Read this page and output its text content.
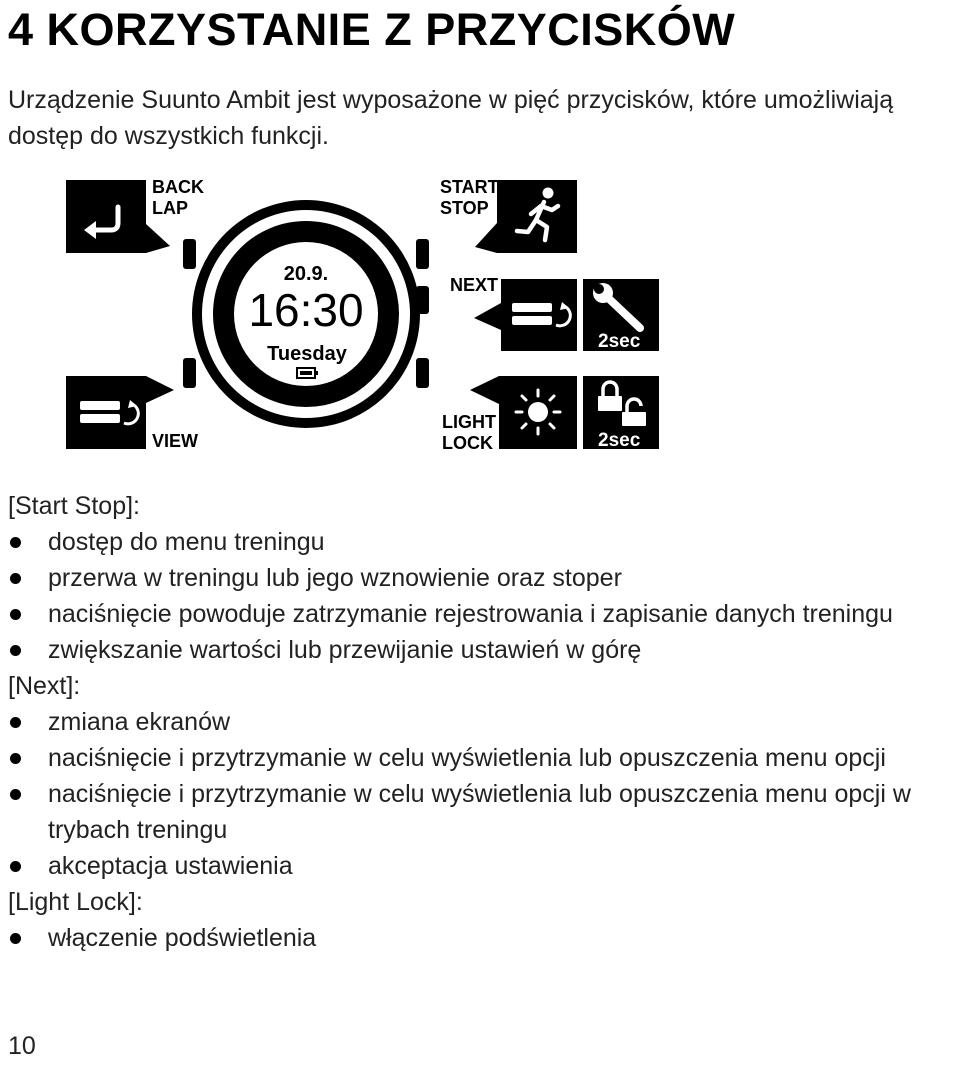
4 KORZYSTANIE Z PRZYCISKÓW

Urządzenie Suunto Ambit jest wyposażone w pięć przycisków, które umożliwiają dostęp do wszystkich funkcji.

BACK
LAP
START
STOP
20.9.
16:30
Tuesday
NEXT
2sec
VIEW
LIGHT
LOCK	2sec
[Start Stop]:
dostęp do menu treningu
przerwa w treningu lub jego wznowienie oraz stoper
naciśnięcie powoduje zatrzymanie rejestrowania i zapisanie danych treningu
zwiększanie wartości lub przewijanie ustawień w górę
[Next]:
zmiana ekranów
naciśnięcie i przytrzymanie w celu wyświetlenia lub opuszczenia menu opcji
naciśnięcie i przytrzymanie w celu wyświetlenia lub opuszczenia menu opcji w trybach treningu
akceptacja ustawienia
[Light Lock]:
włączenie podświetlenia
10
